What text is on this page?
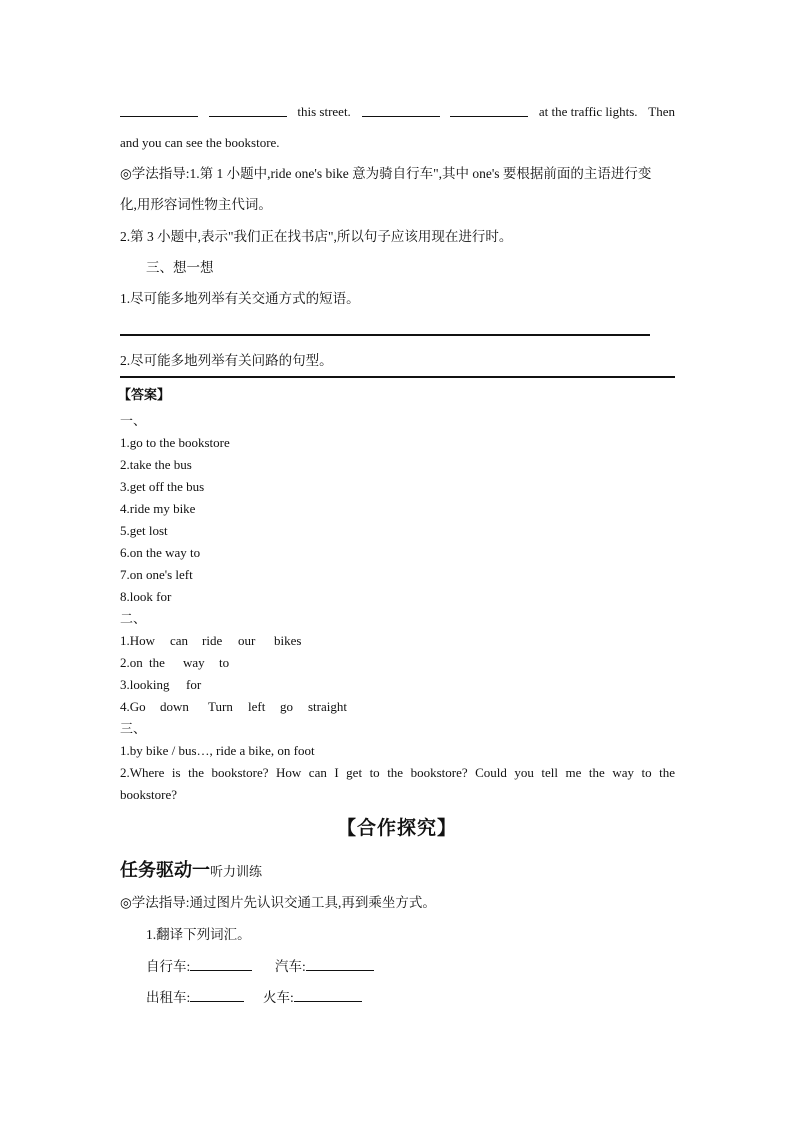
this street.	at the traffic lights. Then
and you can see the bookstore.
◎学法指导:1.第 1 小题中,ride one's bike 意为骑自行车",其中 one's 要根据前面的主语进行变
化,用形容词性物主代词。
2.第 3 小题中,表示"我们正在找书店",所以句子应该用现在进行时。
三、想一想
1.尽可能多地列举有关交通方式的短语。
2.尽可能多地列举有关问路的句型。
【答案】
一、
1.go to the bookstore
2.take the bus
3.get off the bus
4.ride my bike
5.get lost
6.on the way to
7.on one's left
8.look for
二、
1.How can ride our bikes
2.on the way to
3.looking for
4.Go down Turn left go straight
三、
1.by bike / bus…, ride a bike, on foot
2.Where is the bookstore? How can I get to the bookstore? Could you tell me the way to the
bookstore?
【合作探究】
任务驱动一听力训练
◎学法指导:通过图片先认识交通工具,再到乘坐方式。
1.翻译下列词汇。
自行车:	汽车:
出租车:	火车:
